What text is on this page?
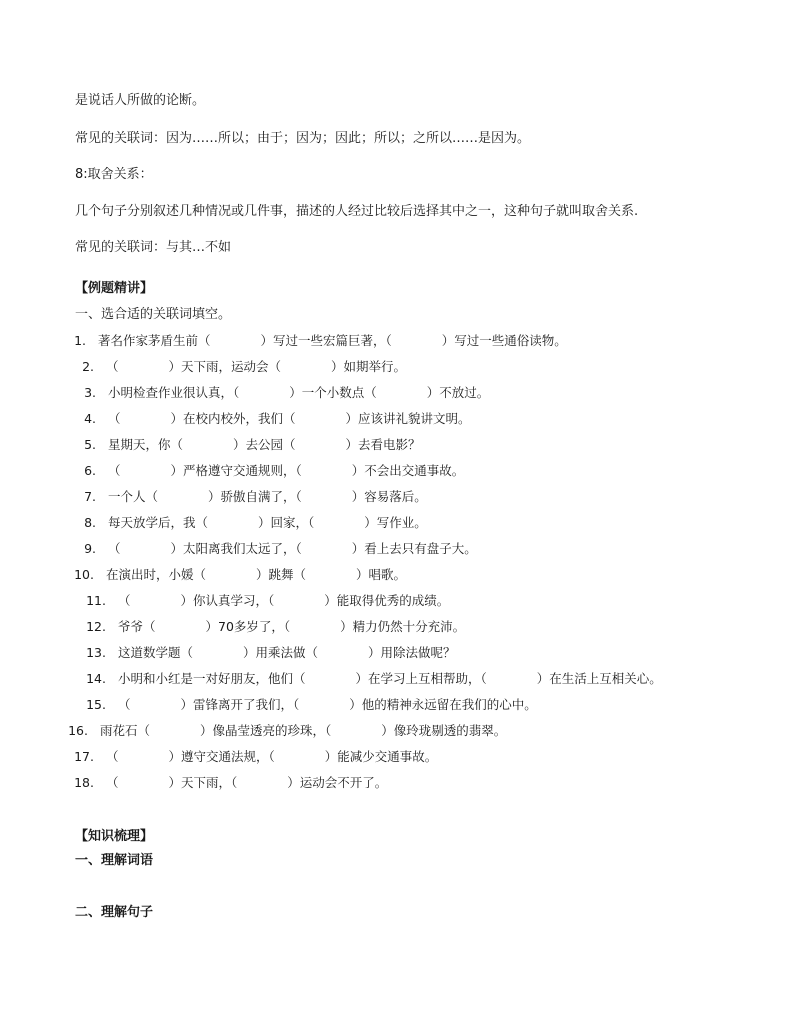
是说话人所做的论断。
常见的关联词：因为……所以；由于；因为；因此；所以；之所以……是因为。
8:取舍关系：
几个句子分别叙述几种情况或几件事，描述的人经过比较后选择其中之一，这种句子就叫取舍关系.
常见的关联词：与其…不如
【例题精讲】
一、选合适的关联词填空。
1. 著名作家茅盾生前（　　　　）写过一些宏篇巨著，（　　　　）写过一些通俗读物。
2. （　　　　）天下雨，运动会（　　　　）如期举行。
3. 小明检查作业很认真，（　　　　）一个小数点（　　　　）不放过。
4. （　　　　）在校内校外，我们（　　　　）应该讲礼貌讲文明。
5. 星期天，你（　　　　）去公园（　　　　）去看电影？
6. （　　　　）严格遵守交通规则，（　　　　）不会出交通事故。
7. 一个人（　　　　）骄傲自满了，（　　　　）容易落后。
8. 每天放学后，我（　　　　）回家，（　　　　）写作业。
9. （　　　　）太阳离我们太远了，（　　　　）看上去只有盘子大。
10. 在演出时，小媛（　　　　）跳舞（　　　　）唱歌。
11. （　　　　）你认真学习，（　　　　）能取得优秀的成绩。
12. 爷爷（　　　　）70多岁了，（　　　　）精力仍然十分充沛。
13. 这道数学题（　　　　）用乘法做（　　　　）用除法做呢？
14. 小明和小红是一对好朋友，他们（　　　　）在学习上互相帮助，（　　　　）在生活上互相关心。
15. （　　　　）雷锋离开了我们，（　　　　）他的精神永远留在我们的心中。
16. 雨花石（　　　　）像晶莹透亮的珍珠，（　　　　）像玲珑剔透的翡翠。
17. （　　　　）遵守交通法规，（　　　　）能减少交通事故。
18. （　　　　）天下雨，（　　　　）运动会不开了。
【知识梳理】
一、理解词语
二、理解句子
